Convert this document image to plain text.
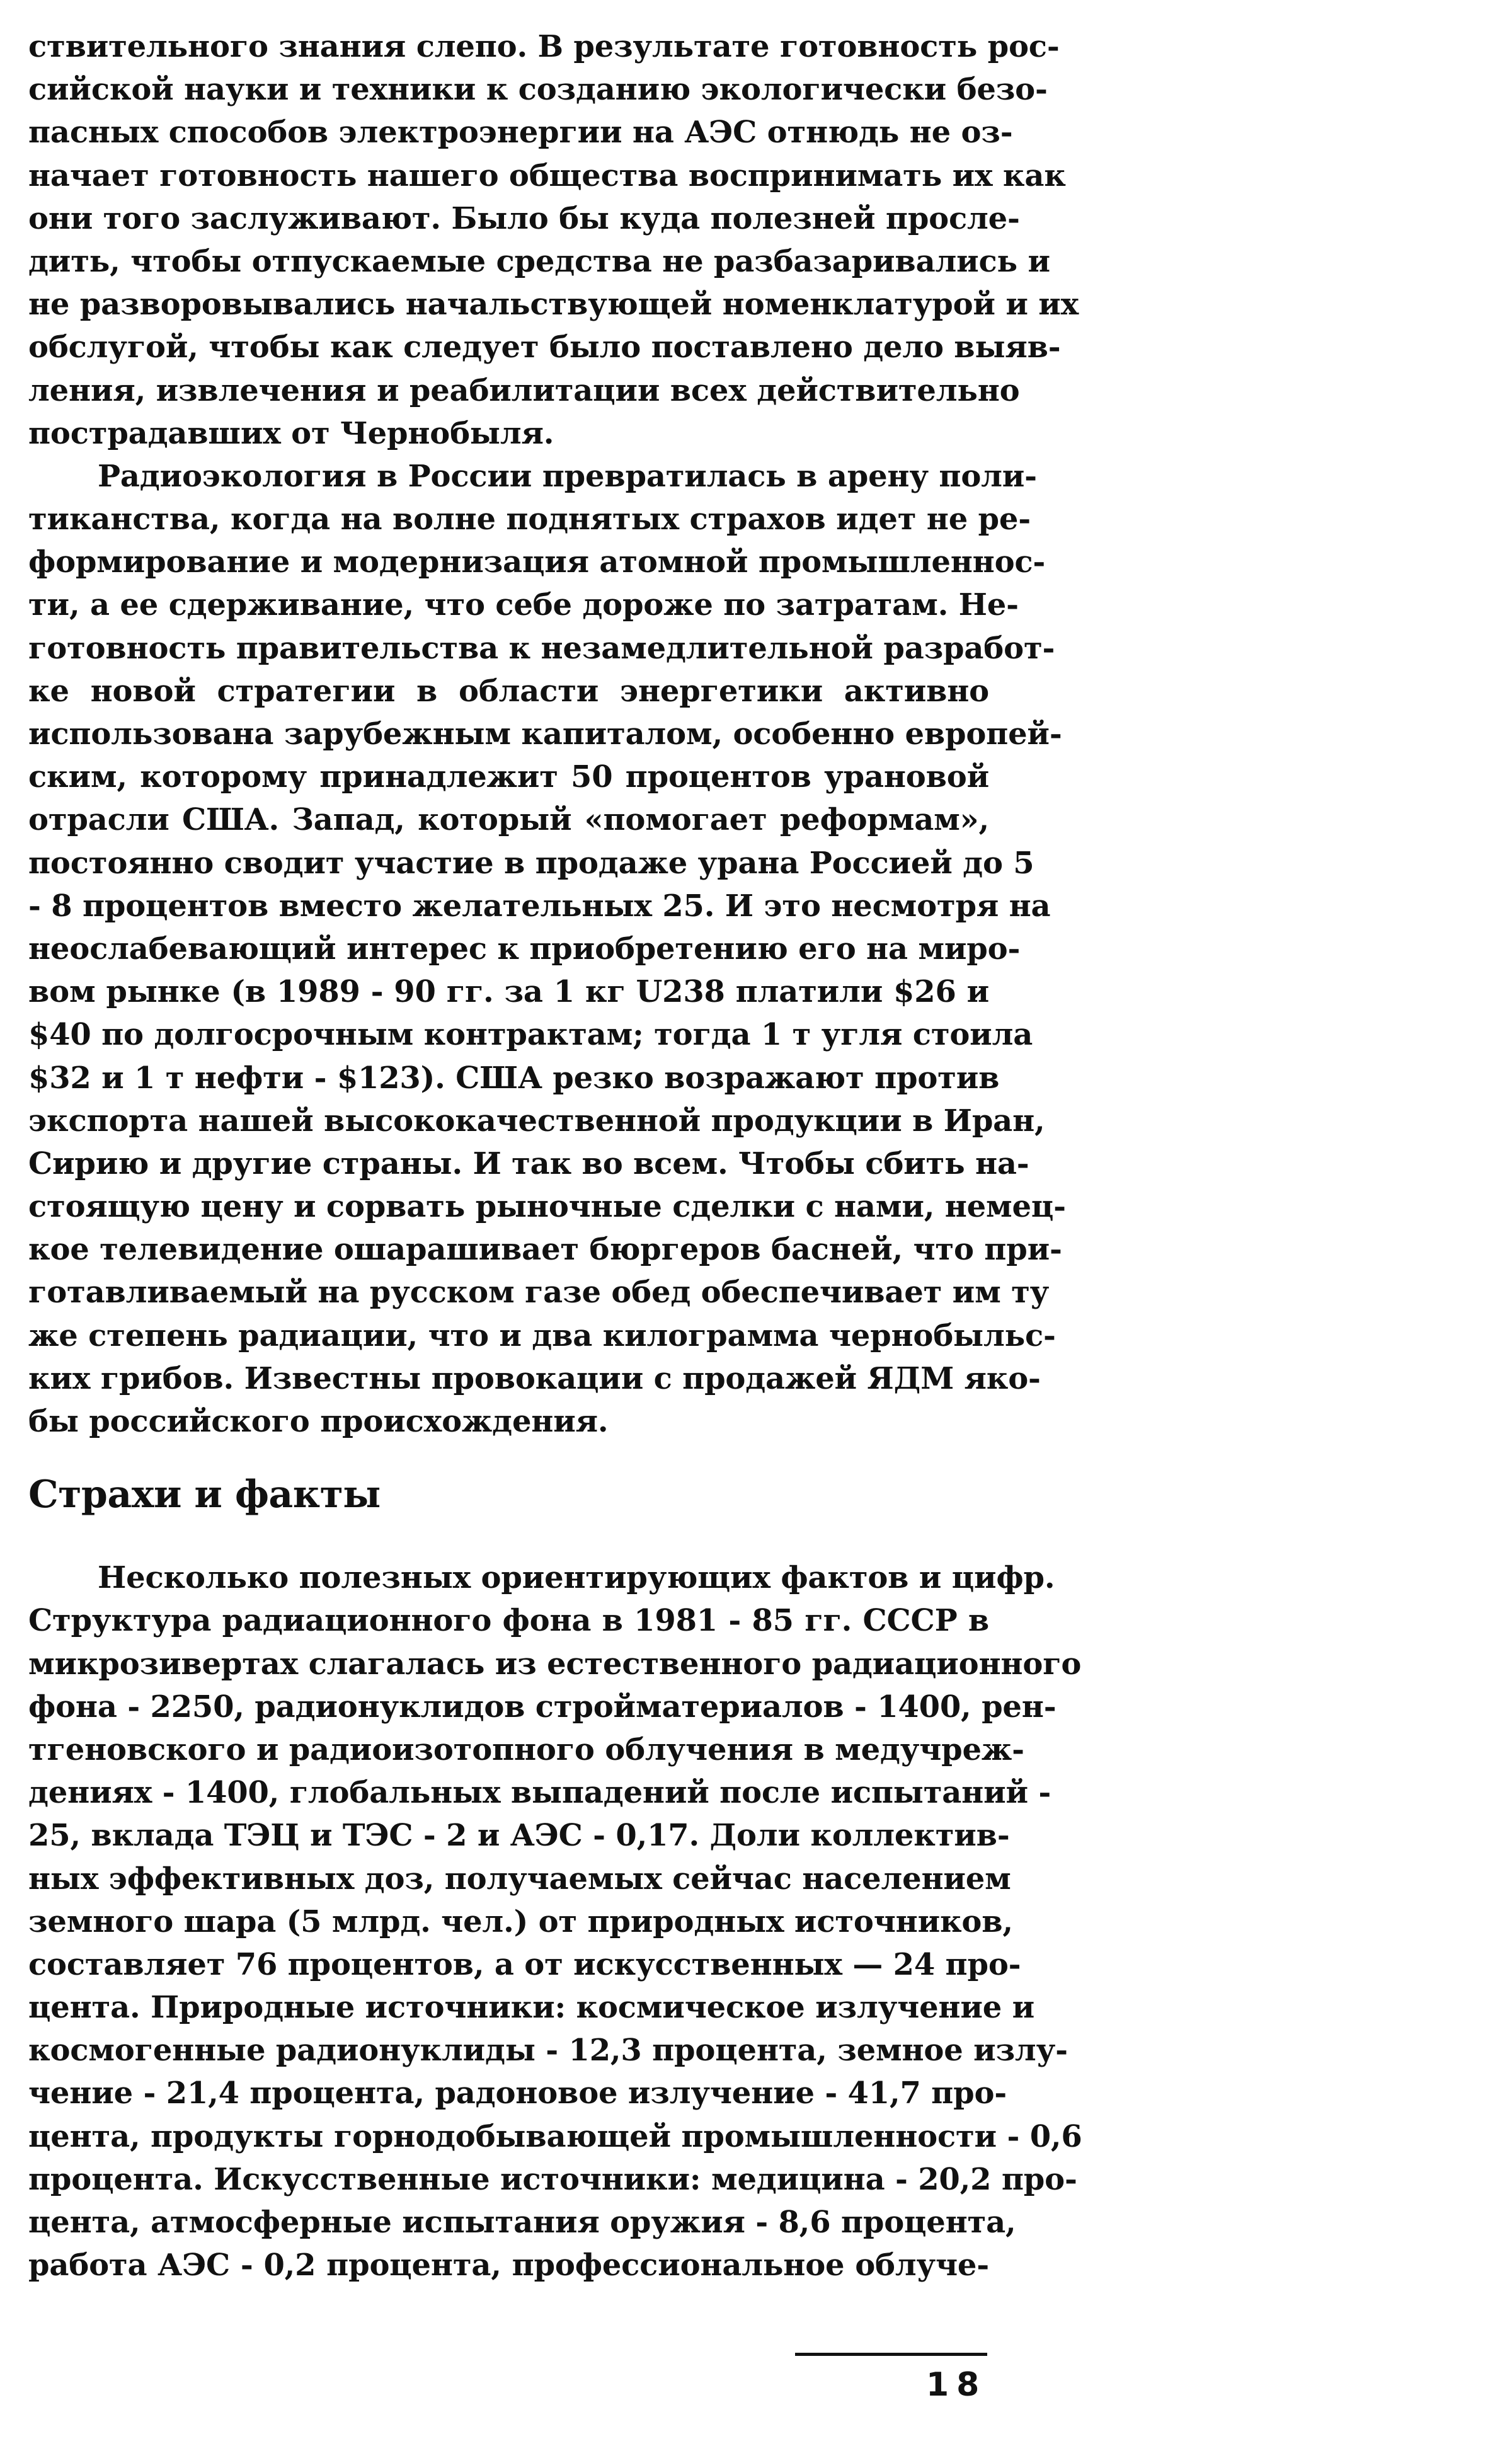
ствительного знания слепо. В результате готовность рос-
сийской науки и техники к созданию экологически безо-
пасных способов электроэнергии на АЭС отнюдь не оз-
начает готовность нашего общества воспринимать их как
они того заслуживают. Было бы куда полезней просле-
дить, чтобы отпускаемые средства не разбазаривались и
не разворовывались начальствующей номенклатурой и их
обслугой, чтобы как следует было поставлено дело выяв-
ления, извлечения и реабилитации всех действительно
пострадавших от Чернобыля.
Радиоэкология в России превратилась в арену поли-
тиканства, когда на волне поднятых страхов идет не ре-
формирование и модернизация атомной промышленнос-
ти, а ее сдерживание, что себе дороже по затратам. Не-
готовность правительства к незамедлительной разработ-
ке новой стратегии в области энергетики активно
использована зарубежным капиталом, особенно европей-
ским, которому принадлежит 50 процентов урановой
отрасли США. Запад, который «помогает реформам»,
постоянно сводит участие в продаже урана Россией до 5
- 8 процентов вместо желательных 25. И это несмотря на
неослабевающий интерес к приобретению его на миро-
вом рынке (в 1989 - 90 гг. за 1 кг U238 платили $26 и
$40 по долгосрочным контрактам; тогда 1 т угля стоила
$32 и 1 т нефти - $123). США резко возражают против
экспорта нашей высококачественной продукции в Иран,
Сирию и другие страны. И так во всем. Чтобы сбить на-
стоящую цену и сорвать рыночные сделки с нами, немец-
кое телевидение ошарашивает бюргеров басней, что при-
готавливаемый на русском газе обед обеспечивает им ту
же степень радиации, что и два килограмма чернобыльс-
ких грибов. Известны провокации с продажей ЯДМ яко-
бы российского происхождения.
Страхи и факты
Несколько полезных ориентирующих фактов и цифр.
Структура радиационного фона в 1981 - 85 гг. СССР в
микрозивертах слагалась из естественного радиационного
фона - 2250, радионуклидов стройматериалов - 1400, рен-
тгеновского и радиоизотопного облучения в медучреж-
дениях - 1400, глобальных выпадений после испытаний -
25, вклада ТЭЦ и ТЭС - 2 и АЭС - 0,17. Доли коллектив-
ных эффективных доз, получаемых сейчас населением
земного шара (5 млрд. чел.) от природных источников,
составляет 76 процентов, а от искусственных — 24 про-
цента. Природные источники: космическое излучение и
космогенные радионуклиды - 12,3 процента, земное излу-
чение - 21,4 процента, радоновое излучение - 41,7 про-
цента, продукты горнодобывающей промышленности - 0,6
процента. Искусственные источники: медицина - 20,2 про-
цента, атмосферные испытания оружия - 8,6 процента,
работа АЭС - 0,2 процента, профессиональное облуче-
18
